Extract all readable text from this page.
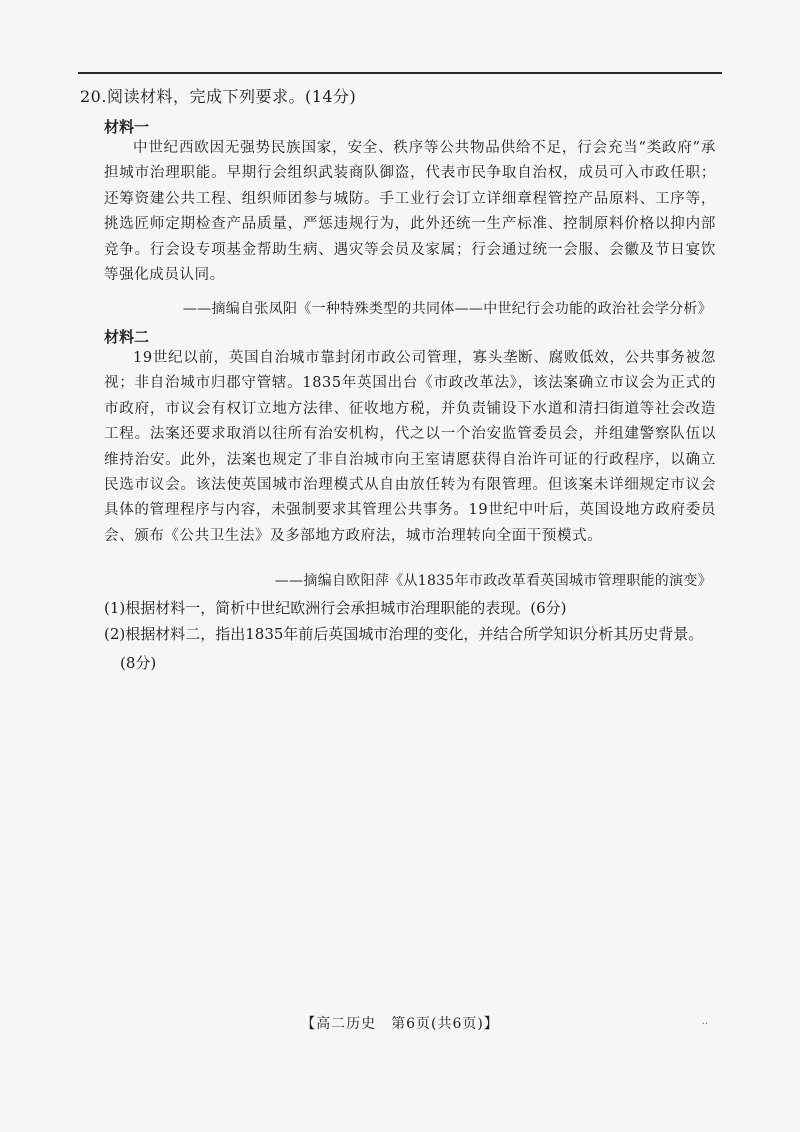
20.阅读材料，完成下列要求。(14分)
材料一

中世纪西欧因无强势民族国家，安全、秩序等公共物品供给不足，行会充当“类政府”承担城市治理职能。早期行会组织武装商队御盗，代表市民争取自治权，成员可入市政任职；还筹资建公共工程、组织师团参与城防。手工业行会订立详细章程管控产品原料、工序等，挑选匠师定期检查产品质量，严惩违规行为，此外还统一生产标准、控制原料价格以抑内部竞争。行会设专项基金帮助生病、遇灾等会员及家属；行会通过统一会服、会徽及节日宴饮等强化成员认同。

——摘编自张凤阳《一种特殊类型的共同体——中世纪行会功能的政治社会学分析》
材料二

19世纪以前，英国自治城市靠封闭市政公司管理，寡头垄断、腐败低效，公共事务被忽视；非自治城市归郡守管辖。1835年英国出台《市政改革法》，该法案确立市议会为正式的市政府，市议会有权订立地方法律、征收地方税，并负责铺设下水道和清扫街道等社会改造工程。法案还要求取消以往所有治安机构，代之以一个治安监管委员会，并组建警察队伍以维持治安。此外，法案也规定了非自治城市向王室请愿获得自治许可证的行政程序，以确立民选市议会。该法使英国城市治理模式从自由放任转为有限管理。但该案未详细规定市议会具体的管理程序与内容，未强制要求其管理公共事务。19世纪中叶后，英国设地方政府委员会、颁布《公共卫生法》及多部地方政府法，城市治理转向全面干预模式。

——摘编自欧阳萍《从1835年市政改革看英国城市管理职能的演变》
(1)根据材料一，简析中世纪欧洲行会承担城市治理职能的表现。(6分)
(2)根据材料二，指出1835年前后英国城市治理的变化，并结合所学知识分析其历史背景。
(8分)
【高二历史　第6页(共6页)】	..
